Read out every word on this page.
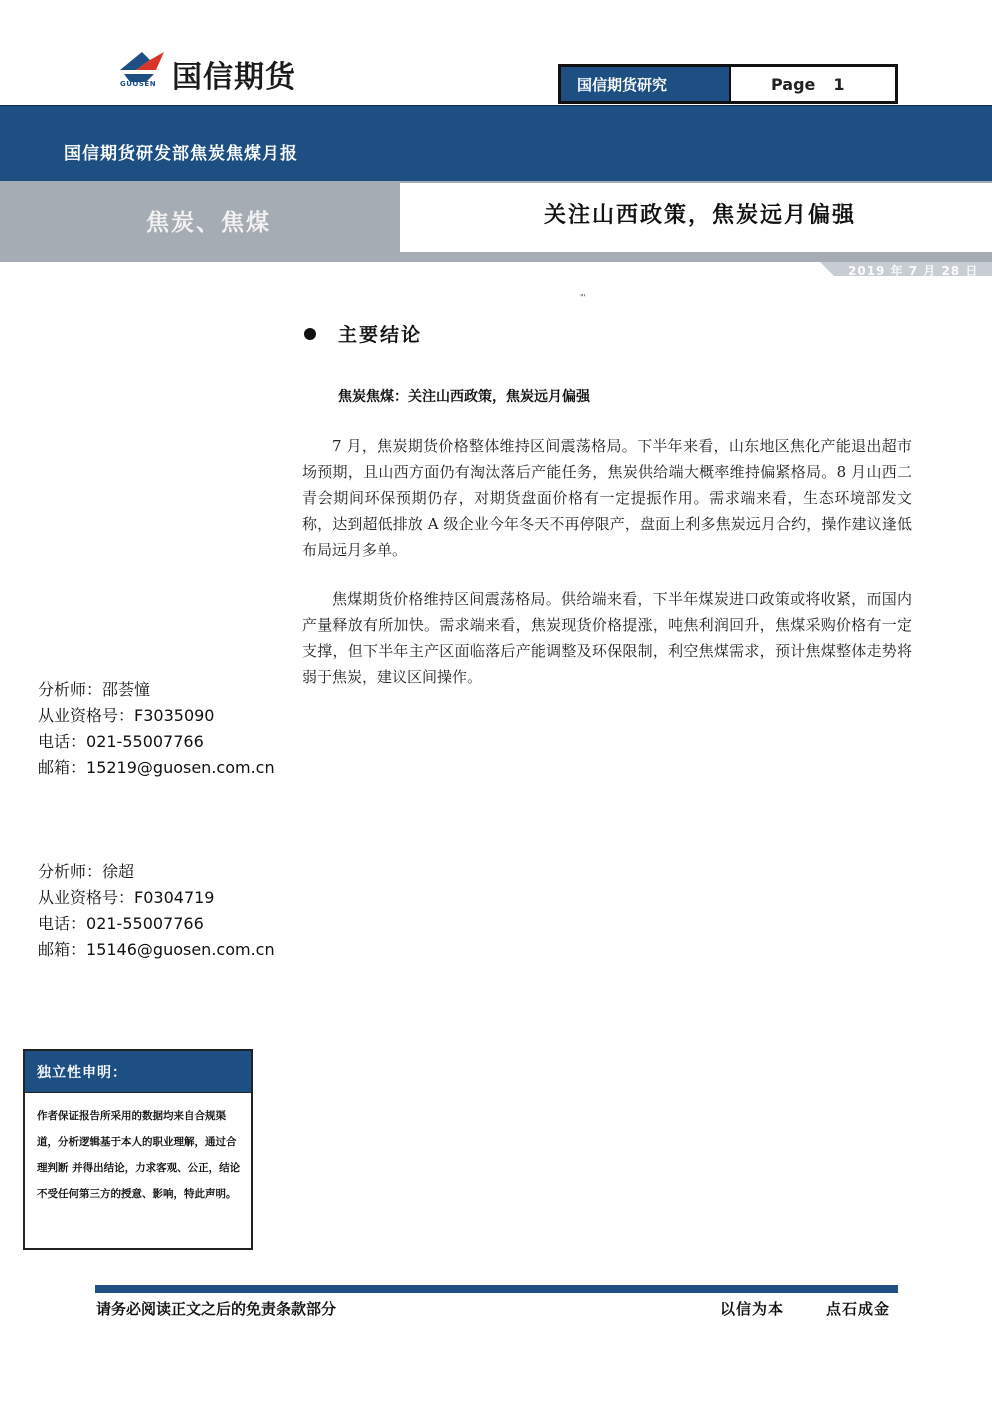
GUOSEN 国信期货	国信期货研究	Page 1
国信期货研发部焦炭焦煤月报
焦炭、焦煤	关注山西政策，焦炭远月偏强
2019 年 7 月 28 日
"'
主要结论
焦炭焦煤：关注山西政策，焦炭远月偏强

7 月，焦炭期货价格整体维持区间震荡格局。下半年来看，山东地区焦化产能退出超市场预期，且山西方面仍有淘汰落后产能任务，焦炭供给端大概率维持偏紧格局。8 月山西二青会期间环保预期仍存，对期货盘面价格有一定提振作用。需求端来看，生态环境部发文称，达到超低排放 A 级企业今年冬天不再停限产，盘面上利多焦炭远月合约，操作建议逢低布局远月多单。

焦煤期货价格维持区间震荡格局。供给端来看，下半年煤炭进口政策或将收紧，而国内产量释放有所加快。需求端来看，焦炭现货价格提涨，吨焦利润回升，焦煤采购价格有一定支撑，但下半年主产区面临落后产能调整及环保限制，利空焦煤需求，预计焦煤整体走势将弱于焦炭，建议区间操作。

分析师：邵荟憧
从业资格号：F3035090
电话：021-55007766
邮箱：15219@guosen.com.cn
分析师：徐超
从业资格号：F0304719
电话：021-55007766
邮箱：15146@guosen.com.cn
独立性申明：
作者保证报告所采用的数据均来自合规渠道，分析逻辑基于本人的职业理解，通过合理判断 并得出结论，力求客观、公正，结论不受任何第三方的授意、影响，特此声明。
请务必阅读正文之后的免责条款部分	以信为本	点石成金
